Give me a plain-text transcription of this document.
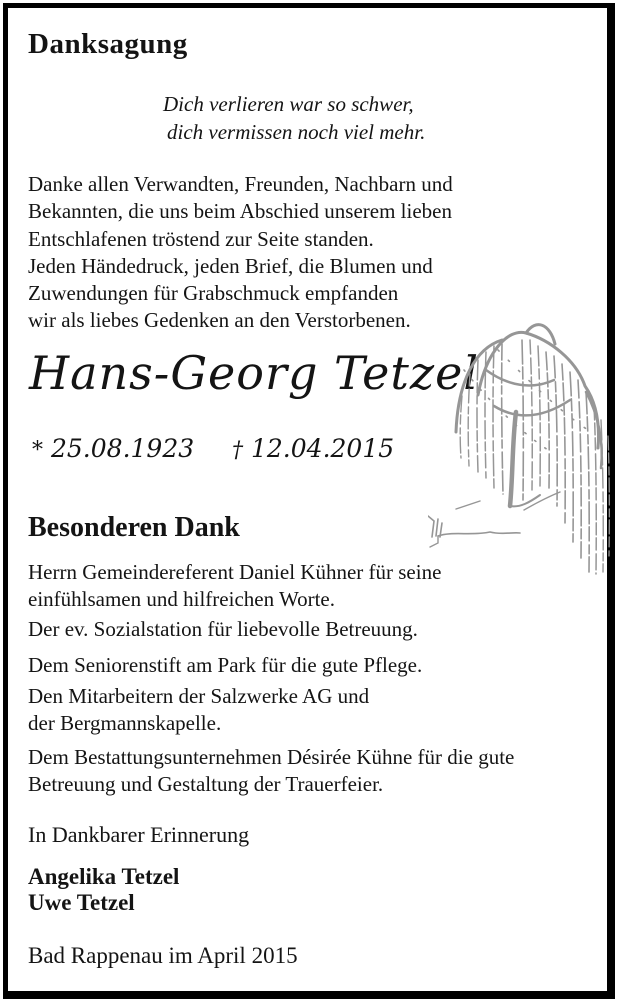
Danksagung
Dich verlieren war so schwer,
dich vermissen noch viel mehr.
Danke allen Verwandten, Freunden, Nachbarn und
Bekannten, die uns beim Abschied unserem lieben
Entschlafenen tröstend zur Seite standen.
Jeden Händedruck, jeden Brief, die Blumen und
Zuwendungen für Grabschmuck empfanden
wir als liebes Gedenken an den Verstorbenen.
Hans-Georg Tetzel
* 25.08.1923 † 12.04.2015
Besonderen Dank
Herrn Gemeindereferent Daniel Kühner für seine
einfühlsamen und hilfreichen Worte.
Der ev. Sozialstation für liebevolle Betreuung.
Dem Seniorenstift am Park für die gute Pflege.
Den Mitarbeitern der Salzwerke AG und
der Bergmannskapelle.
Dem Bestattungsunternehmen Désirée Kühne für die gute
Betreuung und Gestaltung der Trauerfeier.
In Dankbarer Erinnerung
Angelika Tetzel
Uwe Tetzel
Bad Rappenau im April 2015
